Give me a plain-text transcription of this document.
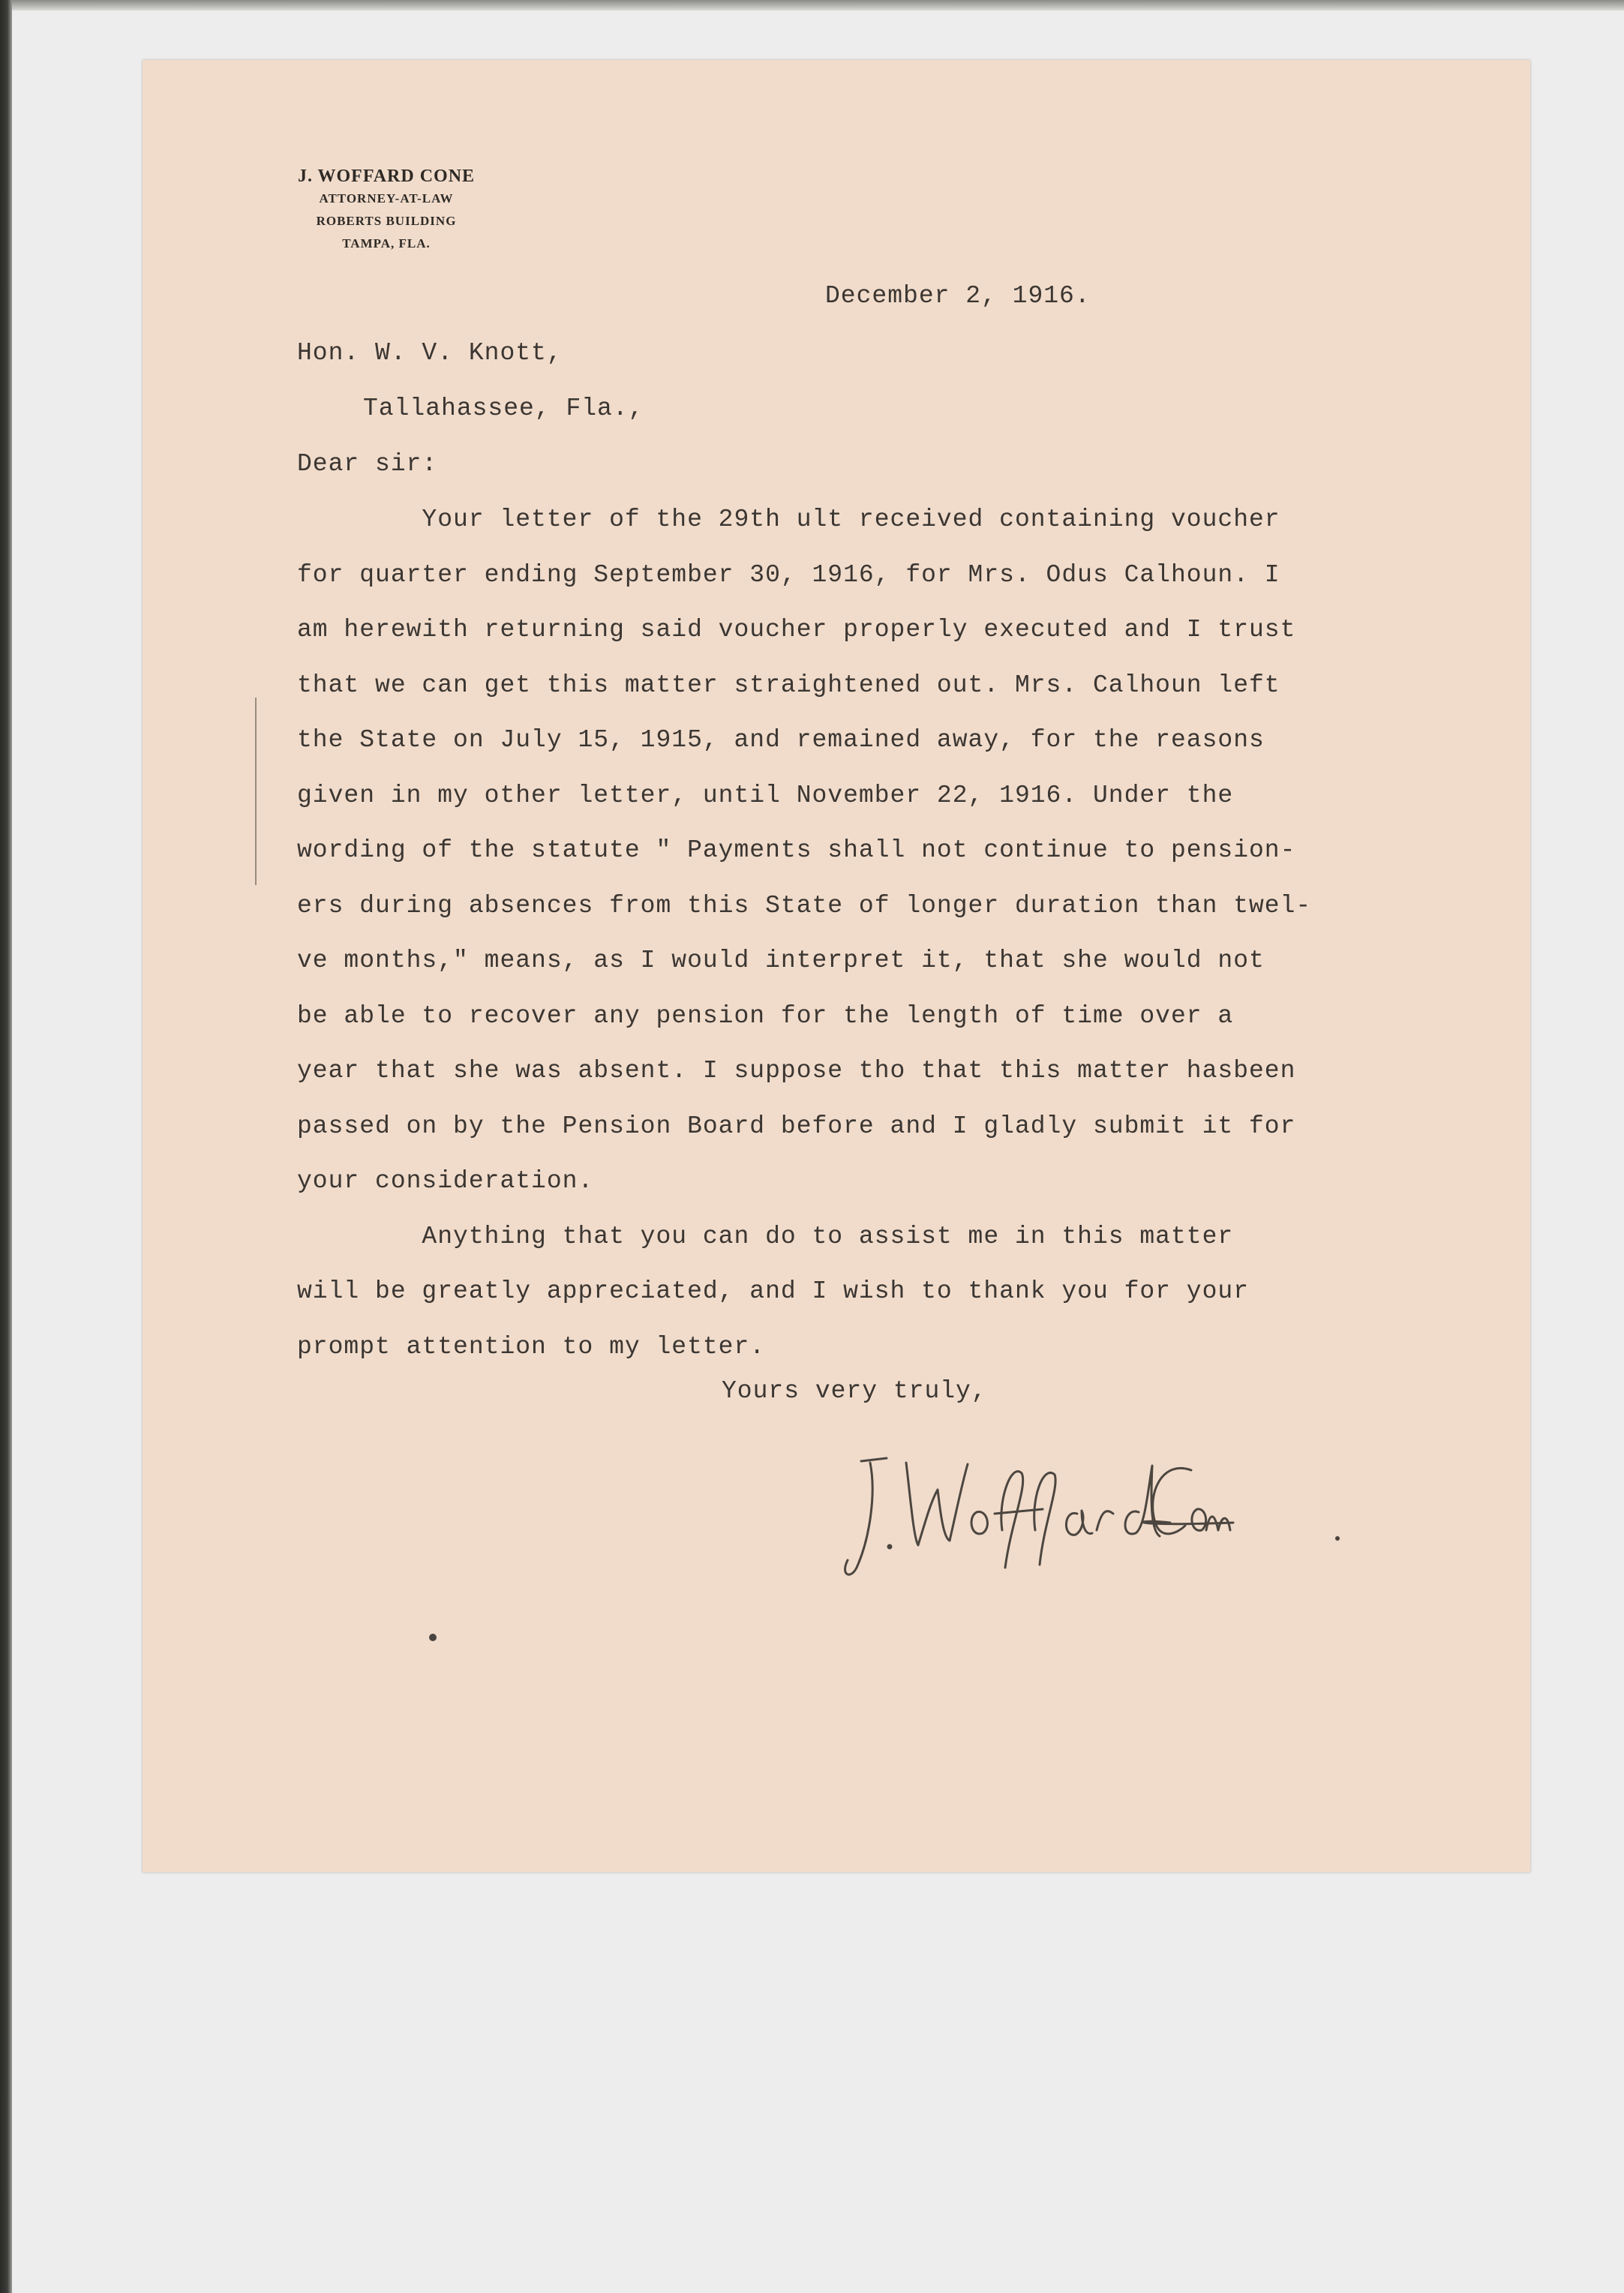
J. WOFFARD CONE
ATTORNEY-AT-LAW
ROBERTS BUILDING
TAMPA, FLA.
December 2, 1916.
Hon. W. V. Knott,
Tallahassee, Fla.,
Dear sir:
Your letter of the 29th ult received containing voucher
for quarter ending September 30, 1916, for Mrs. Odus Calhoun. I
am herewith returning said voucher properly executed and I trust
that we can get this matter straightened out. Mrs. Calhoun left
the State on July 15, 1915, and remained away, for the reasons
given in my other letter, until November 22, 1916. Under the
wording of the statute " Payments shall not continue to pension-
ers during absences from this State of longer duration than twel-
ve months," means, as I would interpret it, that she would not
be able to recover any pension for the length of time over a
year that she was absent. I suppose tho that this matter hasbeen
passed on by the Pension Board before and I gladly submit it for
your consideration.
Anything that you can do to assist me in this matter
will be greatly appreciated, and I wish to thank you for your
prompt attention to my letter.
Yours very truly,
